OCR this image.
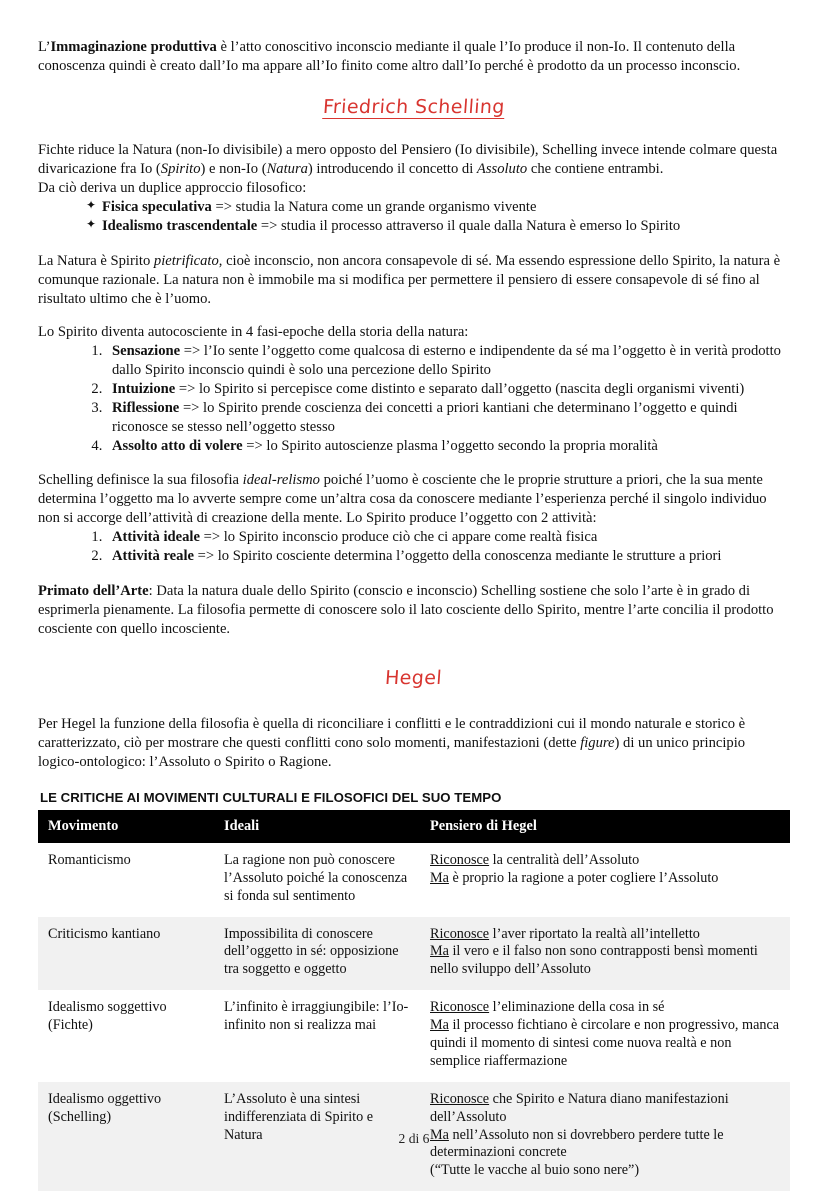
L’Immaginazione produttiva è l’atto conoscitivo inconscio mediante il quale l’Io produce il non-Io. Il contenuto della conoscenza quindi è creato dall’Io ma appare all’Io finito come altro dall’Io perché è prodotto da un processo inconscio.

Friedrich Schelling

Fichte riduce la Natura (non-Io divisibile) a mero opposto del Pensiero (Io divisibile), Schelling invece intende colmare questa divaricazione fra Io (Spirito) e non-Io (Natura) introducendo il concetto di Assoluto che contiene entrambi.
Da ciò deriva un duplice approccio filosofico:

✦ Fisica speculativa => studia la Natura come un grande organismo vivente
✦ Idealismo trascendentale => studia il processo attraverso il quale dalla Natura è emerso lo Spirito

La Natura è Spirito pietrificato, cioè inconscio, non ancora consapevole di sé. Ma essendo espressione dello Spirito, la natura è comunque razionale. La natura non è immobile ma si modifica per permettere il pensiero di essere consapevole di sé fino al risultato ultimo che è l’uomo.

Lo Spirito diventa autocosciente in 4 fasi-epoche della storia della natura:

1. Sensazione => l’Io sente l’oggetto come qualcosa di esterno e indipendente da sé ma l’oggetto è in verità prodotto dallo Spirito inconscio quindi è solo una percezione dello Spirito
2. Intuizione => lo Spirito si percepisce come distinto e separato dall’oggetto (nascita degli organismi viventi)
3. Riflessione => lo Spirito prende coscienza dei concetti a priori kantiani che determinano l’oggetto e quindi riconosce se stesso nell’oggetto stesso
4. Assolto atto di volere => lo Spirito autoscienze plasma l’oggetto secondo la propria moralità

Schelling definisce la sua filosofia ideal-relismo poiché l’uomo è cosciente che le proprie strutture a priori, che la sua mente determina l’oggetto ma lo avverte sempre come un’altra cosa da conoscere mediante l’esperienza perché il singolo individuo non si accorge dell’attività di creazione della mente. Lo Spirito produce l’oggetto con 2 attività:

1. Attività ideale => lo Spirito inconscio produce ciò che ci appare come realtà fisica
2. Attività reale => lo Spirito cosciente determina l’oggetto della conoscenza mediante le strutture a priori

Primato dell’Arte: Data la natura duale dello Spirito (conscio e inconscio) Schelling sostiene che solo l’arte è in grado di esprimerla pienamente. La filosofia permette di conoscere solo il lato cosciente dello Spirito, mentre l’arte concilia il prodotto cosciente con quello incosciente.

Hegel

Per Hegel la funzione della filosofia è quella di riconciliare i conflitti e le contraddizioni cui il mondo naturale e storico è caratterizzato, ciò per mostrare che questi conflitti cono solo momenti, manifestazioni (dette figure) di un unico principio logico-ontologico: l’Assoluto o Spirito o Ragione.

LE CRITICHE AI MOVIMENTI CULTURALI E FILOSOFICI DEL SUO TEMPO
Movimento	Ideali	Pensiero di Hegel
Romanticismo	La ragione non può conoscere l’Assoluto poiché la conoscenza si fonda sul sentimento	Riconosce la centralità dell’Assoluto
Ma è proprio la ragione a poter cogliere l’Assoluto

Criticismo kantiano	Impossibilita di conoscere dell’oggetto in sé: opposizione tra soggetto e oggetto	Riconosce l’aver riportato la realtà all’intelletto
Ma il vero e il falso non sono contrapposti bensì momenti nello sviluppo dell’Assoluto

Idealismo soggettivo (Fichte)	L’infinito è irraggiungibile: l’Io-infinito non si realizza mai	Riconosce l’eliminazione della cosa in sé
Ma il processo fichtiano è circolare e non progressivo, manca quindi il momento di sintesi come nuova realtà e non semplice riaffermazione

Idealismo oggettivo (Schelling)	L’Assoluto è una sintesi indifferenziata di Spirito e Natura	Riconosce che Spirito e Natura diano manifestazioni dell’Assoluto
Ma nell’Assoluto non si dovrebbero perdere tutte le determinazioni concrete
(“Tutte le vacche al buio sono nere”)
2 di 6
